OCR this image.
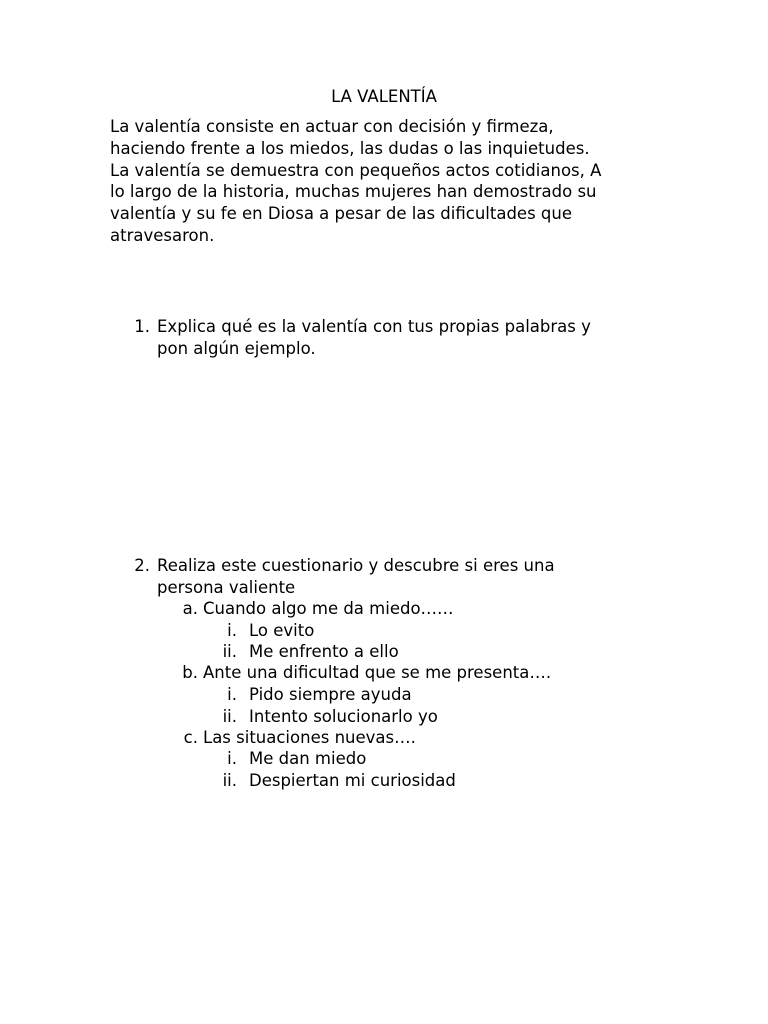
LA VALENTÍA
La valentía consiste en actuar con decisión y firmeza,
haciendo frente a los miedos, las dudas o las inquietudes.
La valentía se demuestra con pequeños actos cotidianos, A
lo largo de la historia, muchas mujeres han demostrado su
valentía y su fe en Diosa a pesar de las dificultades que
atravesaron.
1. Explica qué es la valentía con tus propias palabras y
pon algún ejemplo.
2. Realiza este cuestionario y descubre si eres una
persona valiente
a. Cuando algo me da miedo……
i. Lo evito
ii. Me enfrento a ello
b. Ante una dificultad que se me presenta….
i. Pido siempre ayuda
ii. Intento solucionarlo yo
c. Las situaciones nuevas….
i. Me dan miedo
ii. Despiertan mi curiosidad
